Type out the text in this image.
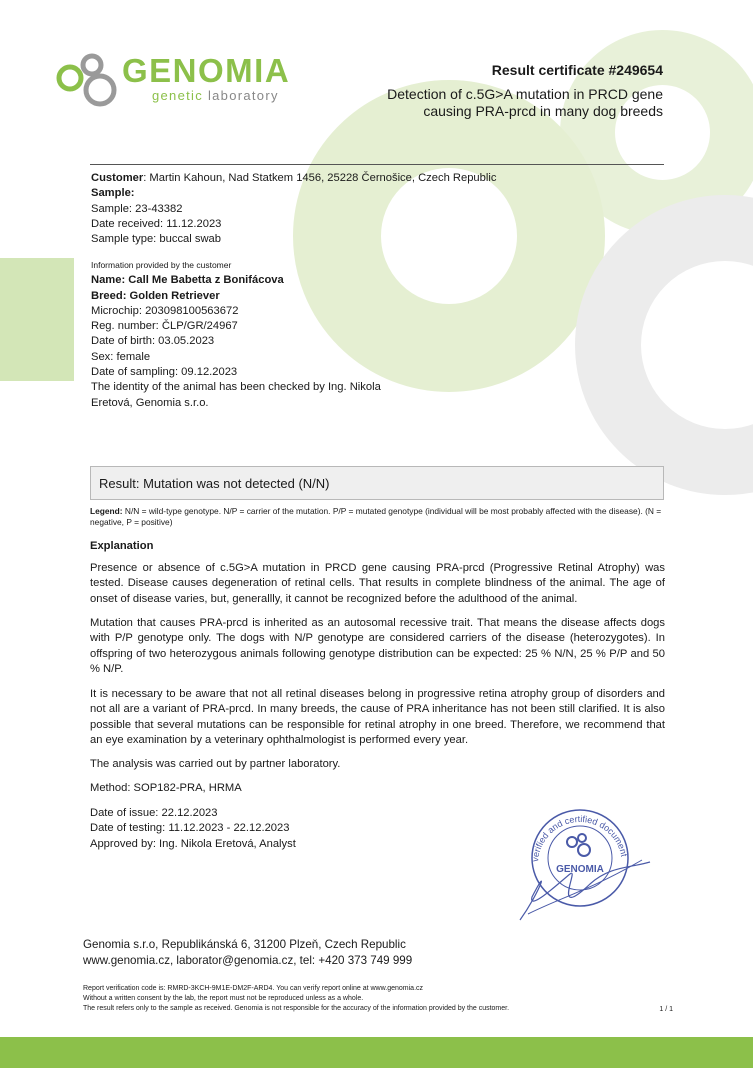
GENOMIA
genetic laboratory
Result certificate #249654
Detection of c.5G>A mutation in PRCD gene
causing PRA-prcd in many dog breeds
Customer: Martin Kahoun, Nad Statkem 1456, 25228 Černošice, Czech Republic
Sample:
Sample: 23-43382
Date received: 11.12.2023
Sample type: buccal swab
Information provided by the customer
Name: Call Me Babetta z Bonifácova
Breed: Golden Retriever
Microchip: 203098100563672
Reg. number: ČLP/GR/24967
Date of birth: 03.05.2023
Sex: female
Date of sampling: 09.12.2023
The identity of the animal has been checked by Ing. Nikola Eretová, Genomia s.r.o.
Result: Mutation was not detected (N/N)
Legend: N/N = wild-type genotype. N/P = carrier of the mutation. P/P = mutated genotype (individual will be most probably affected with the disease). (N = negative, P = positive)
Explanation
Presence or absence of c.5G>A mutation in PRCD gene causing PRA-prcd (Progressive Retinal Atrophy) was tested. Disease causes degeneration of retinal cells. That results in complete blindness of the animal. The age of onset of disease varies, but, generallly, it cannot be recognized before the adulthood of the animal.
Mutation that causes PRA-prcd is inherited as an autosomal recessive trait. That means the disease affects dogs with P/P genotype only. The dogs with N/P genotype are considered carriers of the disease (heterozygotes). In offspring of two heterozygous animals following genotype distribution can be expected: 25 % N/N, 25 % P/P and 50 % N/P.
It is necessary to be aware that not all retinal diseases belong in progressive retina atrophy group of disorders and not all are a variant of PRA-prcd. In many breeds, the cause of PRA inheritance has not been still clarified. It is also possible that several mutations can be responsible for retinal atrophy in one breed. Therefore, we recommend that an eye examination by a veterinary ophthalmologist is performed every year.
The analysis was carried out by partner laboratory.
Method: SOP182-PRA, HRMA
Date of issue: 22.12.2023
Date of testing: 11.12.2023 - 22.12.2023
Approved by: Ing. Nikola Eretová, Analyst
verified and certified document
GENOMIA
Genomia s.r.o, Republikánská 6, 31200 Plzeň, Czech Republic
www.genomia.cz, laborator@genomia.cz, tel: +420 373 749 999
Report verification code is: RMRD-3KCH-9M1E-DM2F-ARD4. You can verify report online at www.genomia.cz
Without a written consent by the lab, the report must not be reproduced unless as a whole.
The result refers only to the sample as received. Genomia is not responsible for the accuracy of the information provided by the customer.	1 / 1
